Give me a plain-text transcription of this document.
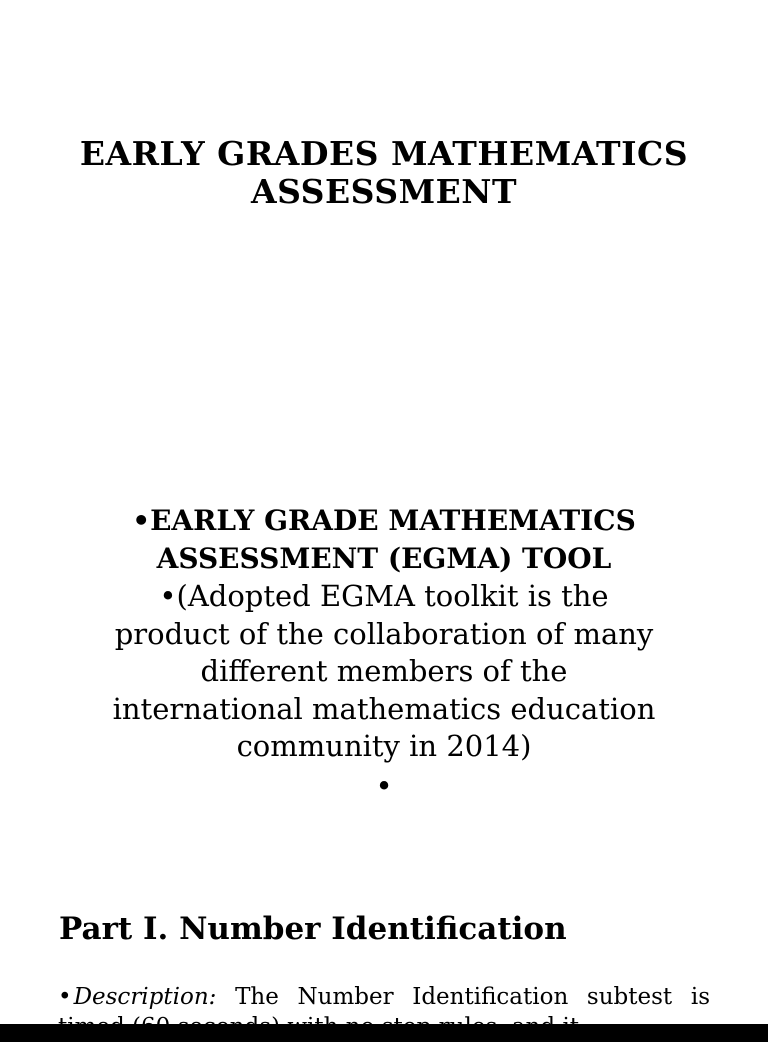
EARLY GRADES MATHEMATICS
ASSESSMENT

•EARLY GRADE MATHEMATICS
ASSESSMENT (EGMA) TOOL

•(Adopted EGMA toolkit is the
product of the collaboration of many
different members of the
international mathematics education
community in 2014)

•

Part I. Number Identification

•Description: The Number Identification subtest is timed (60 seconds) with no stop rules, and it
